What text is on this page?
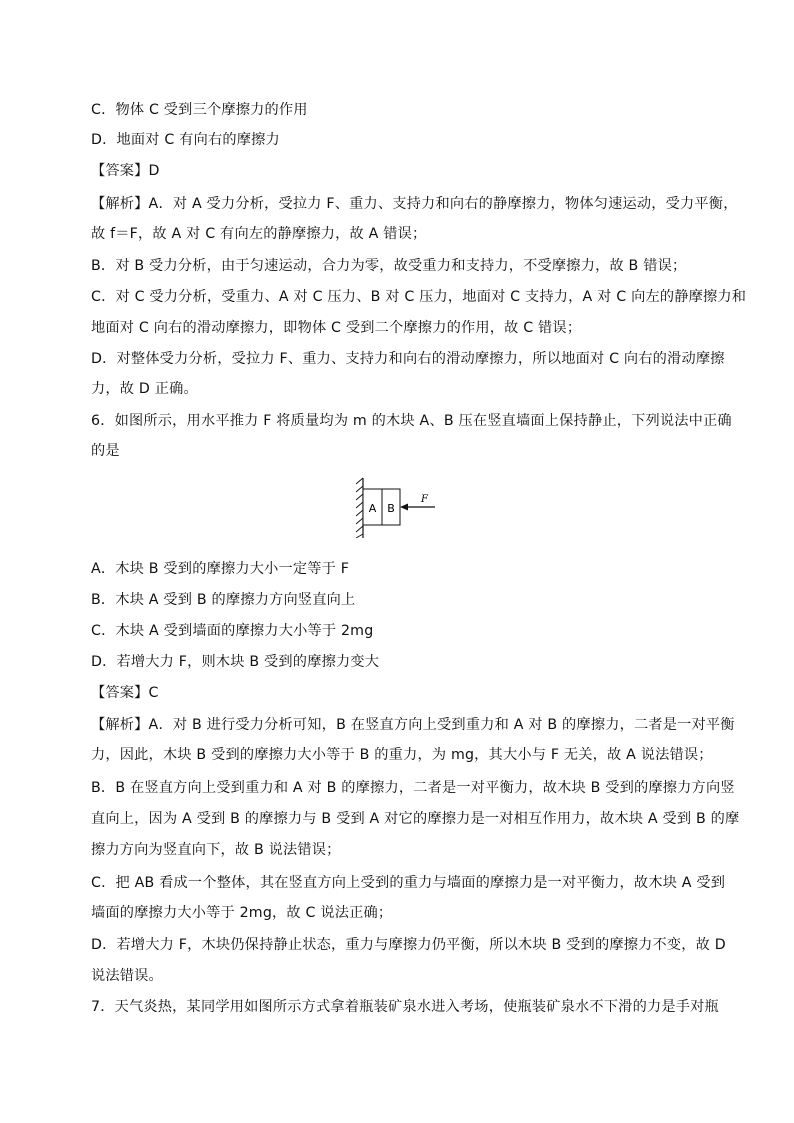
C．物体 C 受到三个摩擦力的作用
D．地面对 C 有向右的摩擦力
【答案】D
【解析】A．对 A 受力分析，受拉力 F、重力、支持力和向右的静摩擦力，物体匀速运动，受力平衡，
故 f＝F，故 A 对 C 有向左的静摩擦力，故 A 错误；
B．对 B 受力分析，由于匀速运动，合力为零，故受重力和支持力，不受摩擦力，故 B 错误；
C．对 C 受力分析，受重力、A 对 C 压力、B 对 C 压力，地面对 C 支持力，A 对 C 向左的静摩擦力和
地面对 C 向右的滑动摩擦力，即物体 C 受到二个摩擦力的作用，故 C 错误；
D．对整体受力分析，受拉力 F、重力、支持力和向右的滑动摩擦力，所以地面对 C 向右的滑动摩擦
力，故 D 正确。
6．如图所示，用水平推力 F 将质量均为 m 的木块 A、B 压在竖直墙面上保持静止，下列说法中正确
的是
A B
F
A．木块 B 受到的摩擦力大小一定等于 F
B．木块 A 受到 B 的摩擦力方向竖直向上
C．木块 A 受到墙面的摩擦力大小等于 2mg
D．若增大力 F，则木块 B 受到的摩擦力变大
【答案】C
【解析】A．对 B 进行受力分析可知，B 在竖直方向上受到重力和 A 对 B 的摩擦力，二者是一对平衡
力，因此，木块 B 受到的摩擦力大小等于 B 的重力，为 mg，其大小与 F 无关，故 A 说法错误；
B．B 在竖直方向上受到重力和 A 对 B 的摩擦力，二者是一对平衡力，故木块 B 受到的摩擦力方向竖
直向上，因为 A 受到 B 的摩擦力与 B 受到 A 对它的摩擦力是一对相互作用力，故木块 A 受到 B 的摩
擦力方向为竖直向下，故 B 说法错误；
C．把 AB 看成一个整体，其在竖直方向上受到的重力与墙面的摩擦力是一对平衡力，故木块 A 受到
墙面的摩擦力大小等于 2mg，故 C 说法正确；
D．若增大力 F，木块仍保持静止状态，重力与摩擦力仍平衡，所以木块 B 受到的摩擦力不变，故 D
说法错误。
7．天气炎热，某同学用如图所示方式拿着瓶装矿泉水进入考场，使瓶装矿泉水不下滑的力是手对瓶
